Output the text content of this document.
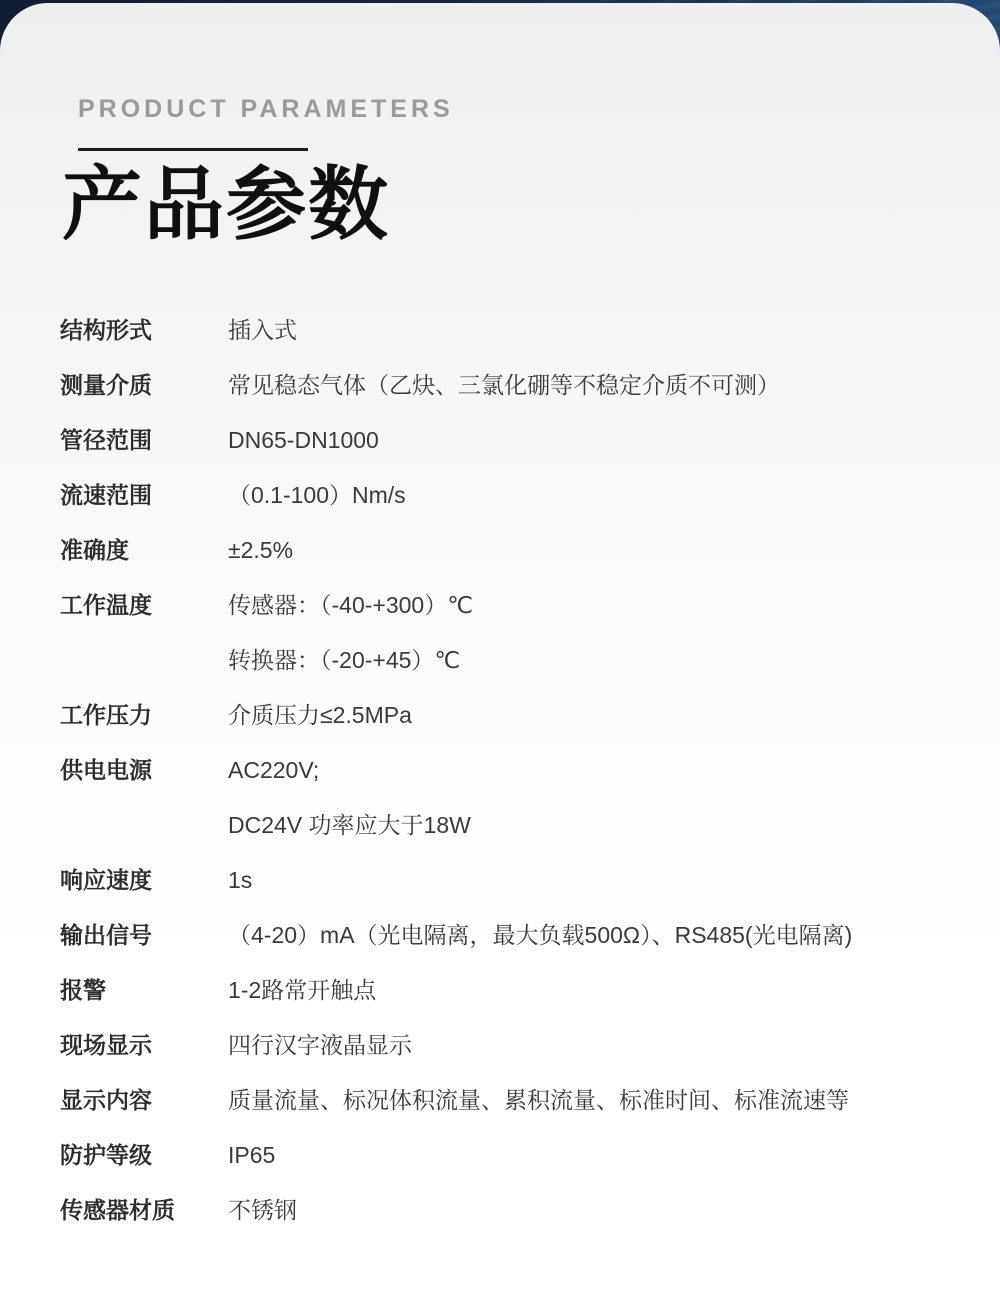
PRODUCT PARAMETERS
产品参数
结构形式	插入式
测量介质	常见稳态气体（乙炔、三氯化硼等不稳定介质不可测）
管径范围	DN65-DN1000
流速范围	（0.1-100）Nm/s
准确度	±2.5%
工作温度	传感器：（-40-+300）℃
转换器：（-20-+45）℃
工作压力	介质压力≤2.5MPa
供电电源	AC220V;
DC24V 功率应大于18W
响应速度	1s
输出信号	（4-20）mA（光电隔离，最大负载500Ω）、RS485(光电隔离)
报警	1-2路常开触点
现场显示	四行汉字液晶显示
显示内容	质量流量、标况体积流量、累积流量、标准时间、标准流速等
防护等级	IP65
传感器材质	不锈钢
